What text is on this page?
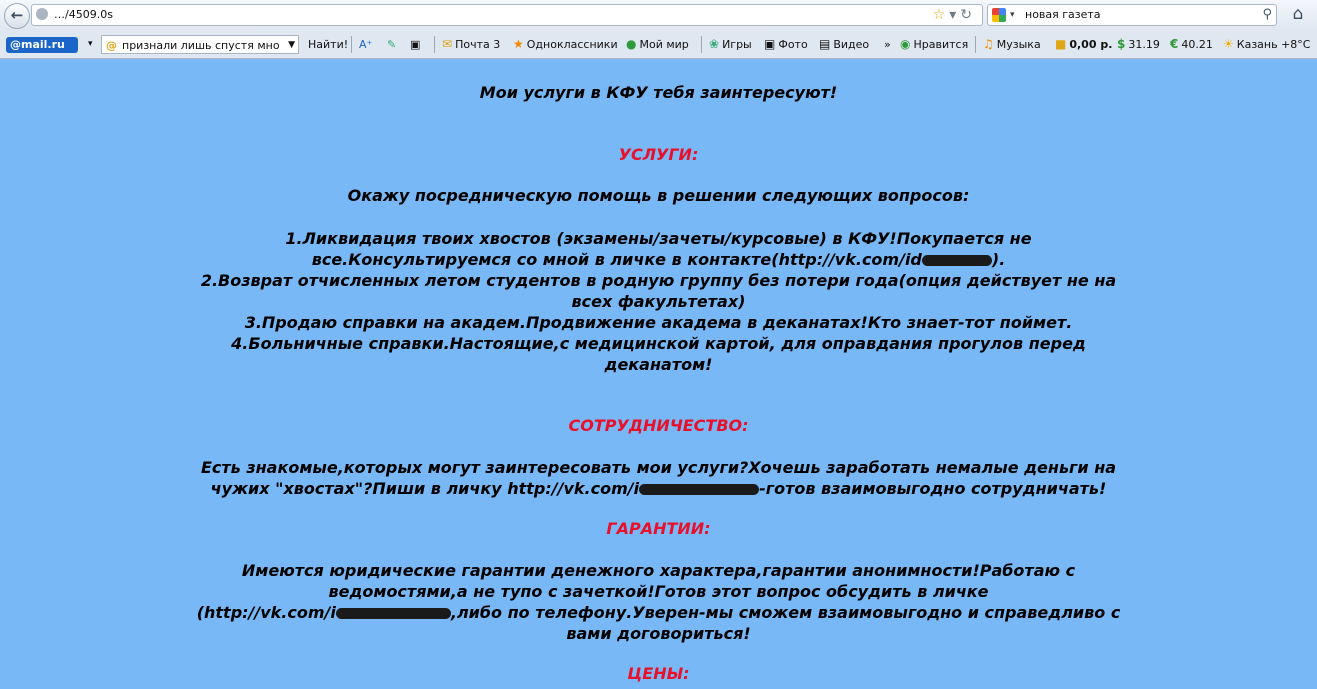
←	…/4509.0s	☆▾↻	▾ новая газета	⚲	⌂
@mail.ru	▾ @ признали лишь спустя мно ▼ Найти! A⁺ ✎ ▣ ✉ Почта 3 ★ Одноклассники ● Мой мир ❀ Игры ▣ Фото ▤ Видео » ◉ Нравится ♫ Музыка ■ 0,00 р. $ 31.19 € 40.21 ☀ Казань +8°C
Мои услуги в КФУ тебя заинтересуют!
УСЛУГИ:
Окажу посредническую помощь в решении следующих вопросов:

1.Ликвидация твоих хвостов (экзамены/зачеты/курсовые) в КФУ!Покупается не

все.Консультируемся со мной в личке в контакте(http://vk.com/id	).

2.Возврат отчисленных летом студентов в родную группу без потери года(опция действует не на

всех факультетах)

3.Продаю справки на академ.Продвижение академа в деканатах!Кто знает-тот поймет.

4.Больничные справки.Настоящие,с медицинской картой, для оправдания прогулов перед

деканатом!

СОТРУДНИЧЕСТВО:

Есть знакомые,которых могут заинтересовать мои услуги?Хочешь заработать немалые деньги на

чужих "хвостах"?Пиши в личку http://vk.com/i	-готов взаимовыгодно сотрудничать!

ГАРАНТИИ:

Имеются юридические гарантии денежного характера,гарантии анонимности!Работаю с

ведомостями,а не тупо с зачеткой!Готов этот вопрос обсудить в личке

(http://vk.com/i	,либо по телефону.Уверен-мы сможем взаимовыгодно и справедливо с

вами договориться!

ЦЕНЫ:
